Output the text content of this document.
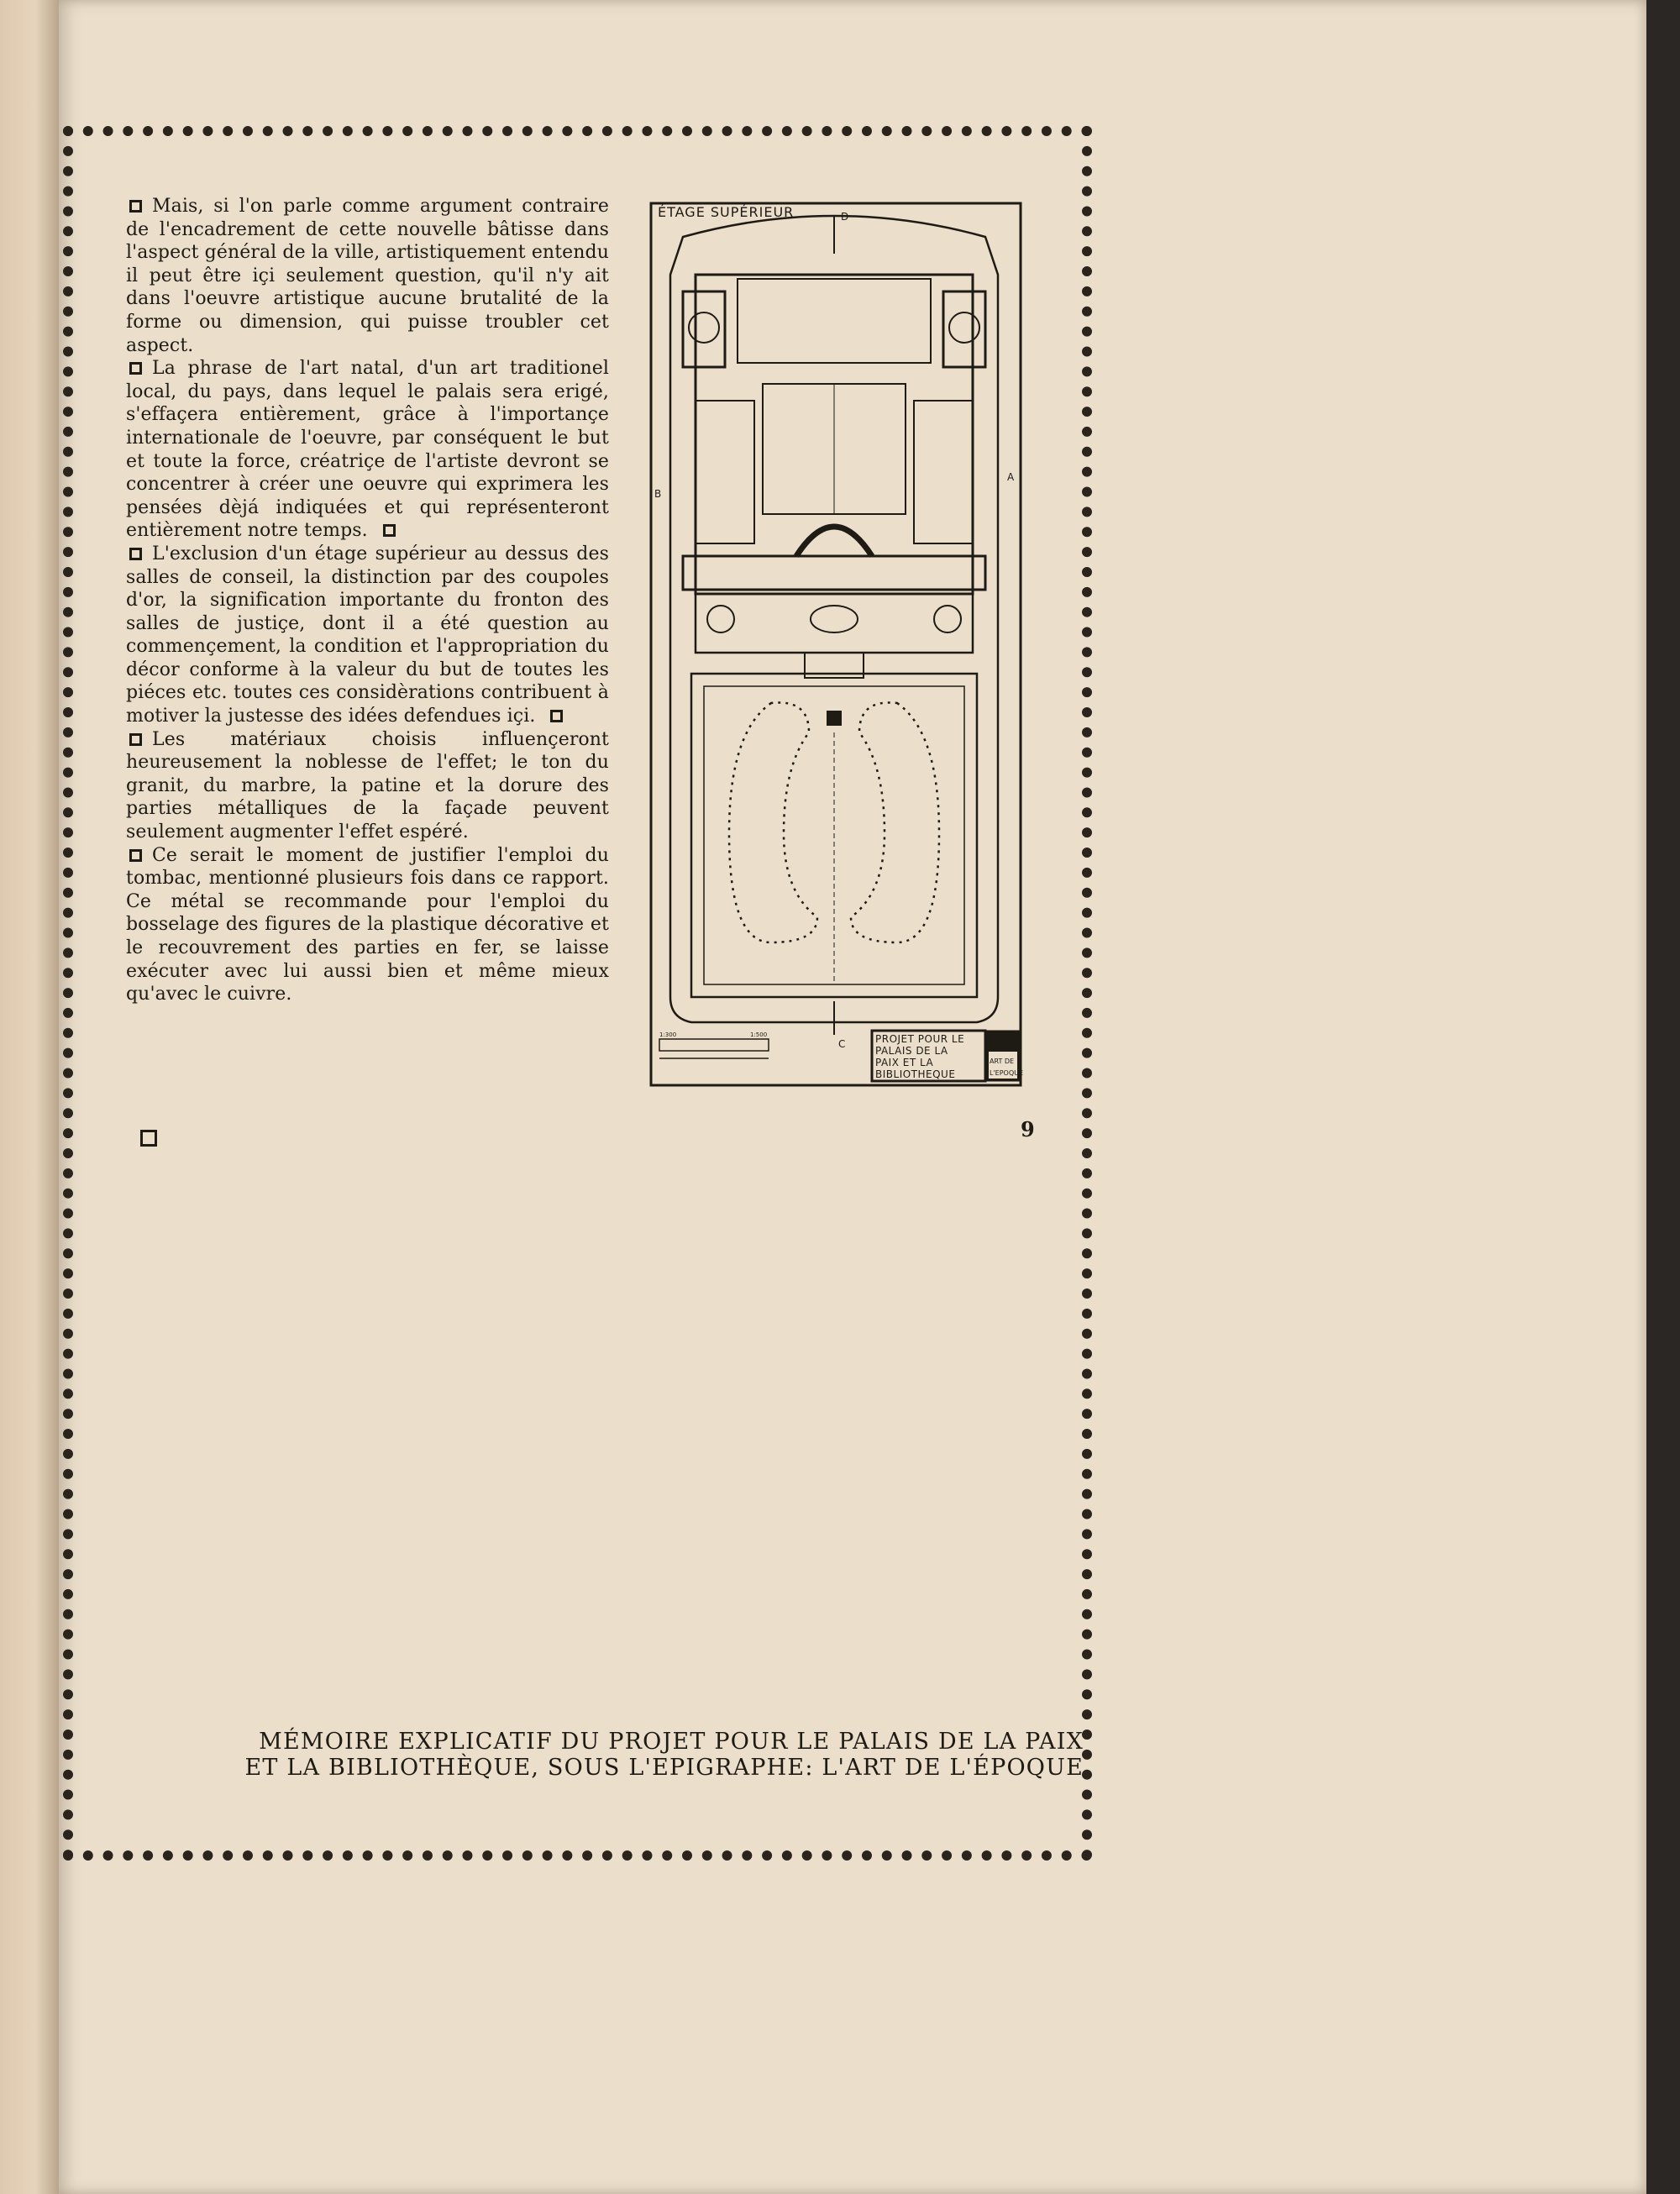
Mais, si l'on parle comme argument contraire de l'encadrement de cette nouvelle bâtisse dans l'aspect général de la ville, artistiquement entendu il peut être içi seulement question, qu'il n'y ait dans l'oeuvre artistique aucune brutalité de la forme ou dimension, qui puisse troubler cet aspect.

La phrase de l'art natal, d'un art traditionel local, du pays, dans lequel le palais sera erigé, s'effaçera entièrement, grâce à l'importançe internationale de l'oeuvre, par conséquent le but et toute la force, créatriçe de l'artiste devront se concentrer à créer une oeuvre qui exprimera les pensées dèjá indiquées et qui représenteront entièrement notre temps.

L'exclusion d'un étage supérieur au dessus des salles de conseil, la distinction par des coupoles d'or, la signification importante du fronton des salles de justiçe, dont il a été question au commençement, la condition et l'appropriation du décor conforme à la valeur du but de toutes les piéces etc. toutes ces considèrations contribuent à motiver la justesse des idées defendues içi.

Les matériaux choisis influençeront heureusement la noblesse de l'effet; le ton du granit, du marbre, la patine et la dorure des parties métalliques de la façade peuvent seulement augmenter l'effet espéré.

Ce serait le moment de justifier l'emploi du tombac, mentionné plusieurs fois dans ce rapport. Ce métal se recommande pour l'emploi du bosselage des figures de la plastique décorative et le recouvrement des parties en fer, se laisse exécuter avec lui aussi bien et même mieux qu'avec le cuivre.

9
ÉTAGE SUPÉRIEUR	D
B
A
C
1:300	1:500	PROJET POUR LE
PALAIS DE LA
PAIX ET LA
BIBLIOTHEQUE
ART DE
L'EPOQUE
MÉMOIRE EXPLICATIF DU PROJET POUR LE PALAIS DE LA PAIX
ET LA BIBLIOTHÈQUE, SOUS L'EPIGRAPHE: L'ART DE L'ÉPOQUE
